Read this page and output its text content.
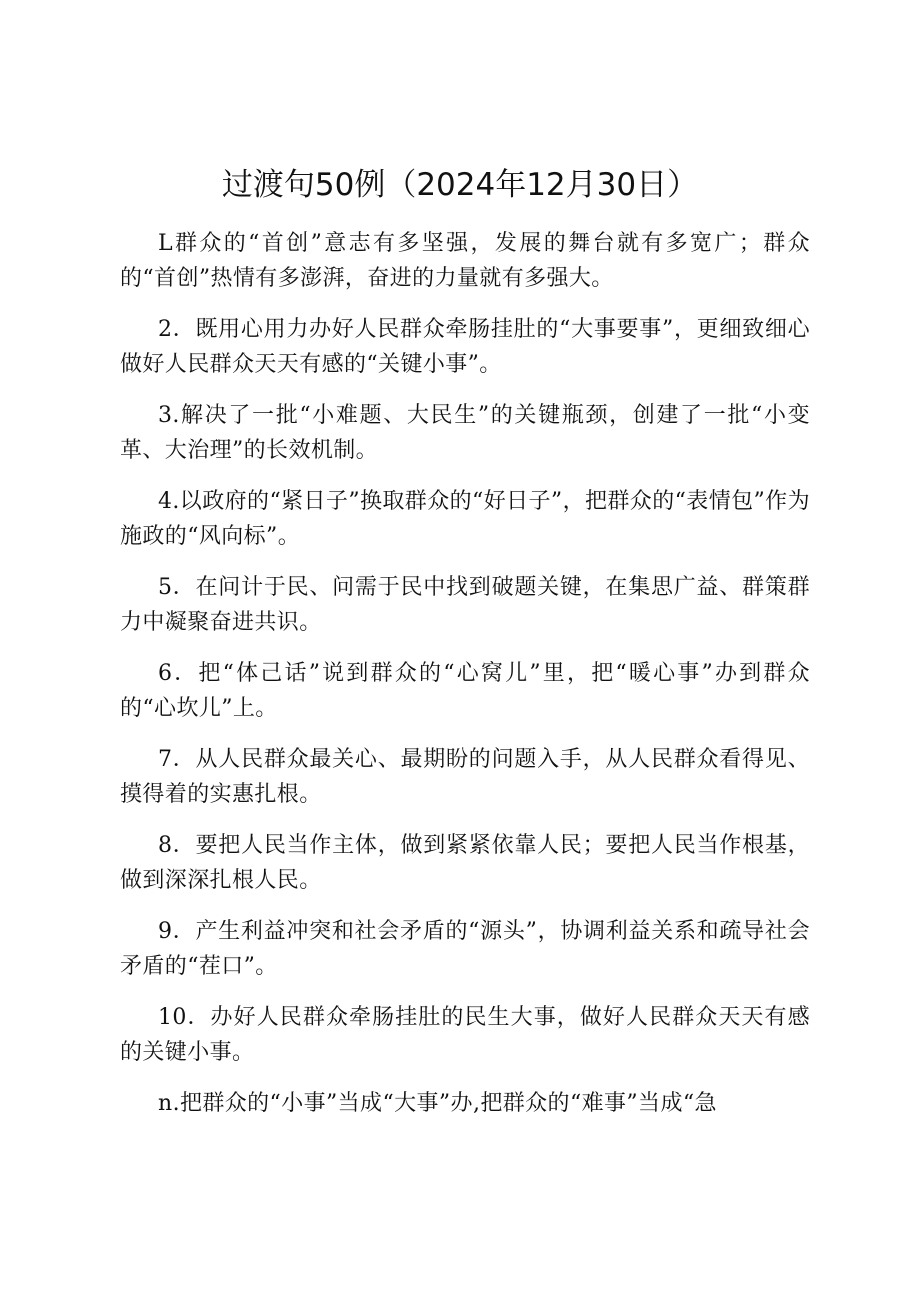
过渡句50例（2024年12月30日）

L群众的“首创”意志有多坚强，发展的舞台就有多宽广；群众的“首创”热情有多澎湃，奋进的力量就有多强大。

2．既用心用力办好人民群众牵肠挂肚的“大事要事”，更细致细心做好人民群众天天有感的“关键小事”。

3.解决了一批“小难题、大民生”的关键瓶颈，创建了一批“小变革、大治理”的长效机制。

4.以政府的“紧日子”换取群众的“好日子”，把群众的“表情包”作为施政的“风向标”。

5．在问计于民、问需于民中找到破题关键，在集思广益、群策群力中凝聚奋进共识。

6．把“体己话”说到群众的“心窝儿”里，把“暖心事”办到群众的“心坎儿”上。

7．从人民群众最关心、最期盼的问题入手，从人民群众看得见、摸得着的实惠扎根。

8．要把人民当作主体，做到紧紧依靠人民；要把人民当作根基，做到深深扎根人民。

9．产生利益冲突和社会矛盾的“源头”，协调利益关系和疏导社会矛盾的“茬口”。

10．办好人民群众牵肠挂肚的民生大事，做好人民群众天天有感的关键小事。

n.把群众的“小事”当成“大事”办,把群众的“难事”当成“急
